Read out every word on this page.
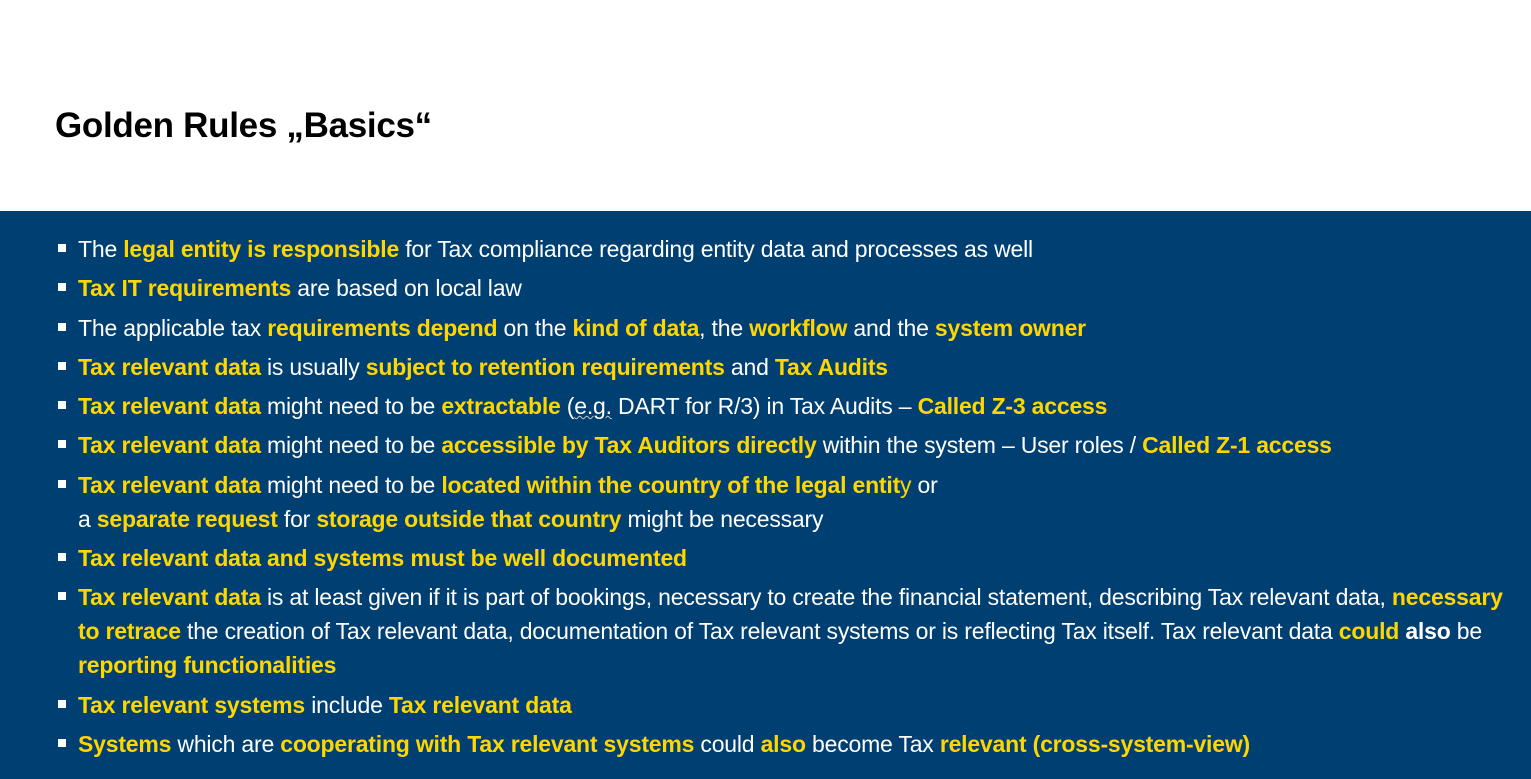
Golden Rules „Basics“
The legal entity is responsible for Tax compliance regarding entity data and processes as well
Tax IT requirements are based on local law
The applicable tax requirements depend on the kind of data, the workflow and the system owner
Tax relevant data is usually subject to retention requirements and Tax Audits
Tax relevant data might need to be extractable (e.g. DART for R/3) in Tax Audits – Called Z-3 access
Tax relevant data might need to be accessible by Tax Auditors directly within the system – User roles / Called Z-1 access
Tax relevant data might need to be located within the country of the legal entity or
a separate request for storage outside that country might be necessary
Tax relevant data and systems must be well documented
Tax relevant data is at least given if it is part of bookings, necessary to create the financial statement, describing Tax relevant data, necessary to retrace the creation of Tax relevant data, documentation of Tax relevant systems or is reflecting Tax itself. Tax relevant data could also be reporting functionalities
Tax relevant systems include Tax relevant data
Systems which are cooperating with Tax relevant systems could also become Tax relevant (cross-system-view)
